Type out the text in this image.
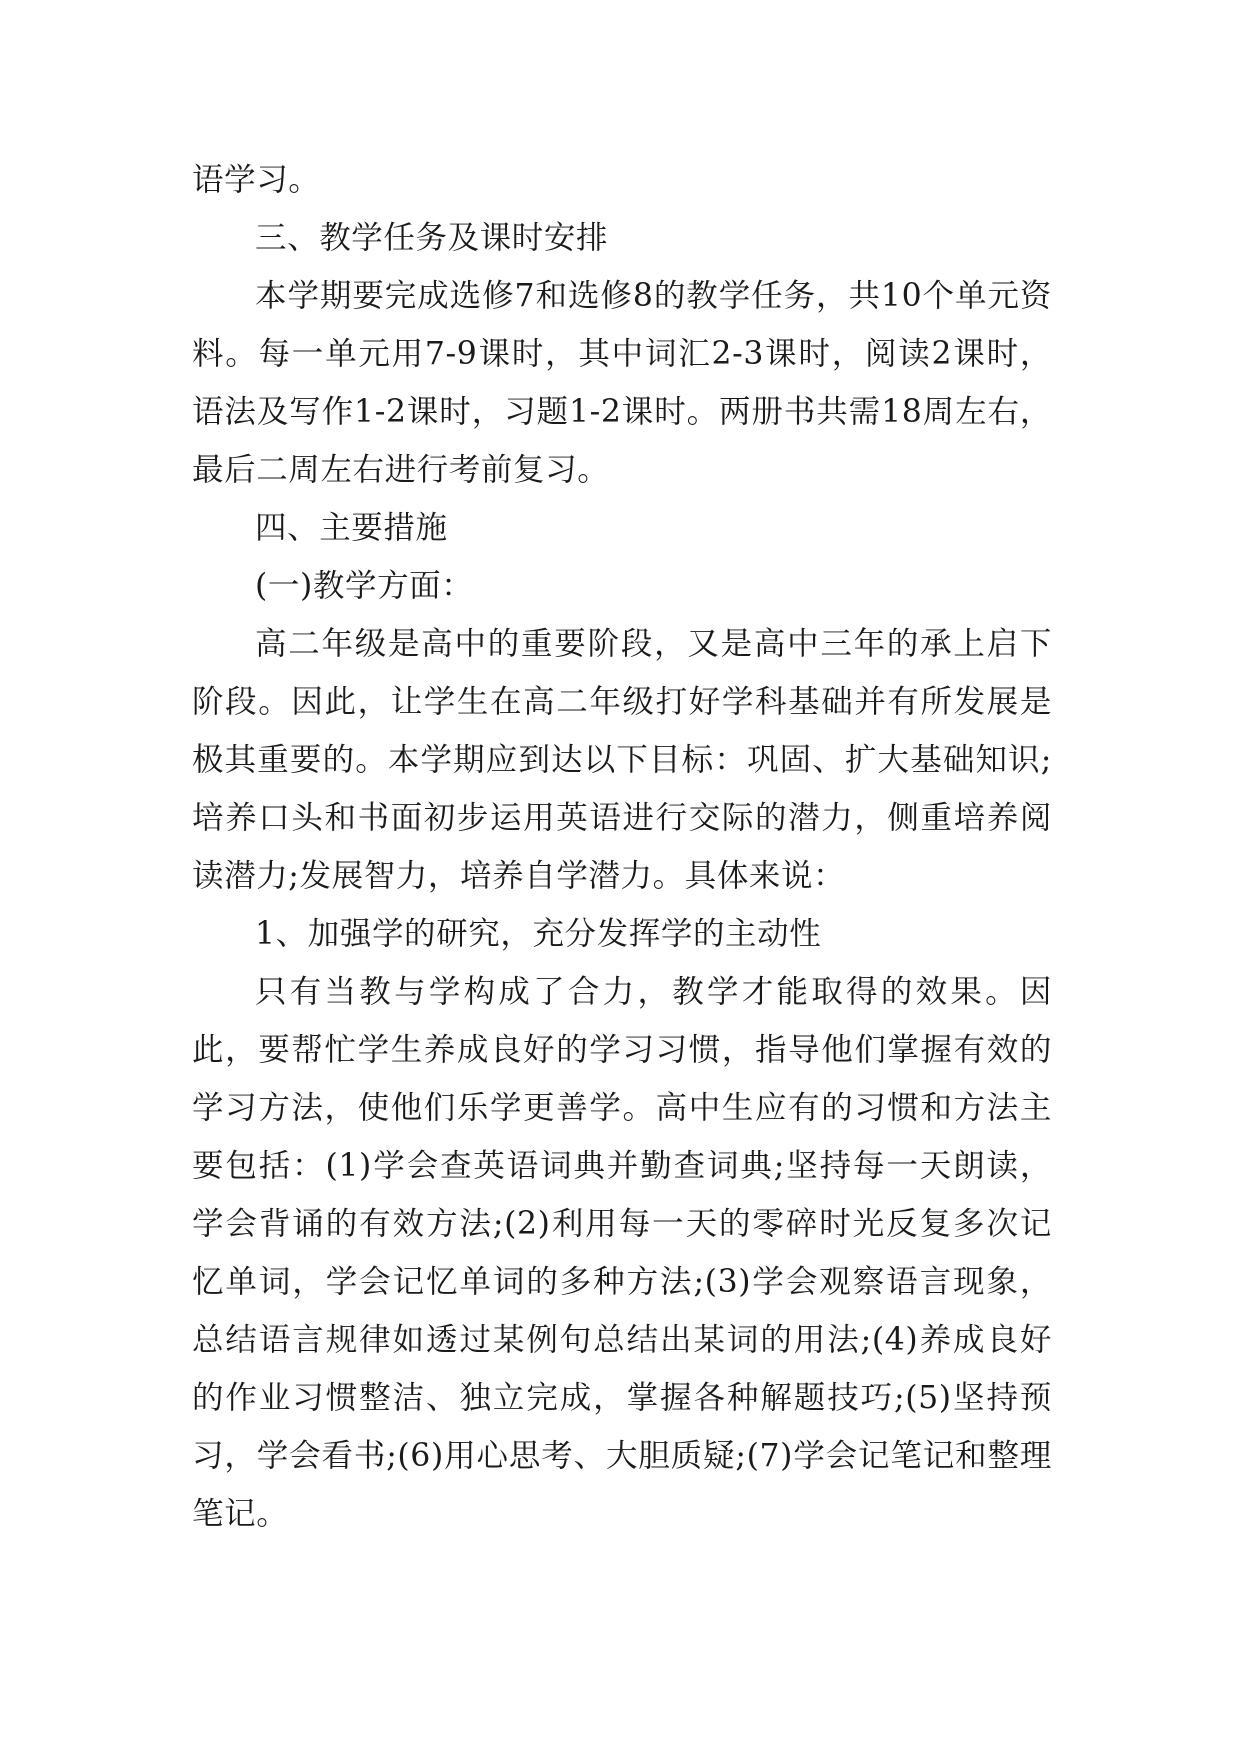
语学习。

三、教学任务及课时安排

本学期要完成选修7和选修8的教学任务，共10个单元资料。每一单元用7-9课时，其中词汇2-3课时，阅读2课时，语法及写作1-2课时，习题1-2课时。两册书共需18周左右，最后二周左右进行考前复习。

四、主要措施

(一)教学方面：

高二年级是高中的重要阶段，又是高中三年的承上启下阶段。因此，让学生在高二年级打好学科基础并有所发展是极其重要的。本学期应到达以下目标：巩固、扩大基础知识;培养口头和书面初步运用英语进行交际的潜力，侧重培养阅读潜力;发展智力，培养自学潜力。具体来说：

1、加强学的研究，充分发挥学的主动性

只有当教与学构成了合力，教学才能取得的效果。因此，要帮忙学生养成良好的学习习惯，指导他们掌握有效的学习方法，使他们乐学更善学。高中生应有的习惯和方法主要包括：(1)学会查英语词典并勤查词典;坚持每一天朗读，学会背诵的有效方法;(2)利用每一天的零碎时光反复多次记忆单词，学会记忆单词的多种方法;(3)学会观察语言现象，总结语言规律如透过某例句总结出某词的用法;(4)养成良好的作业习惯整洁、独立完成，掌握各种解题技巧;(5)坚持预习，学会看书;(6)用心思考、大胆质疑;(7)学会记笔记和整理笔记。
